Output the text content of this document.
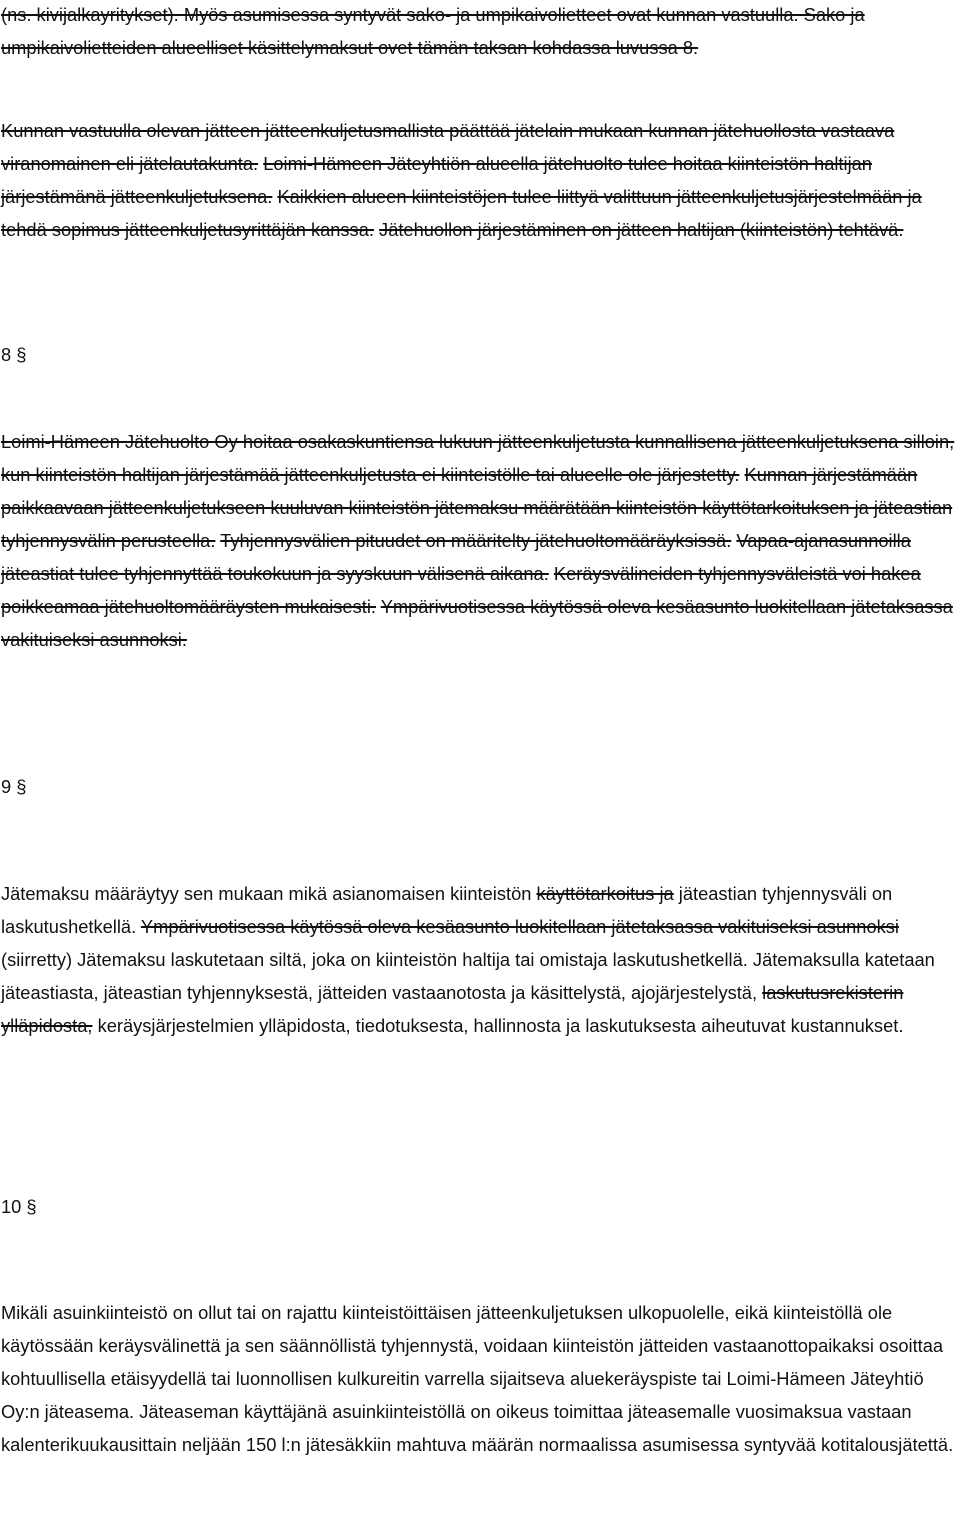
(ns. kivijalkayritykset). Myös asumisessa syntyvät sako- ja umpikaivolietteet ovat kunnan vastuulla. Sako ja umpikaivolietteiden alueelliset käsittelymaksut ovet tämän taksan kohdassa luvussa 8.

Kunnan vastuulla olevan jätteen jätteenkuljetusmallista päättää jätelain mukaan kunnan jätehuollosta vastaava viranomainen eli jätelautakunta. Loimi-Hämeen Jäteyhtiön alueella jätehuolto tulee hoitaa kiinteistön haltijan järjestämänä jätteenkuljetuksena. Kaikkien alueen kiinteistöjen tulee liittyä valittuun jätteenkuljetusjärjestelmään ja tehdä sopimus jätteenkuljetusyrittäjän kanssa. Jätehuollon järjestäminen on jätteen haltijan (kiinteistön) tehtävä.

8 §

Loimi-Hämeen Jätehuolto Oy hoitaa osakaskuntiensa lukuun jätteenkuljetusta kunnallisena jätteenkuljetuksena silloin, kun kiinteistön haltijan järjestämää jätteenkuljetusta ei kiinteistölle tai alueelle ole järjestetty. Kunnan järjestämään paikkaavaan jätteenkuljetukseen kuuluvan kiinteistön jätemaksu määrätään kiinteistön käyttötarkoituksen ja jäteastian tyhjennysvälin perusteella. Tyhjennysvälien pituudet on määritelty jätehuoltomääräyksissä. Vapaa-ajanasunnoilla jäteastiat tulee tyhjennyttää toukokuun ja syyskuun välisenä aikana. Keräysvälineiden tyhjennysväleistä voi hakea poikkeamaa jätehuoltomääräysten mukaisesti. Ympärivuotisessa käytössä oleva kesäasunto luokitellaan jätetaksassa vakituiseksi asunnoksi.

9 §

Jätemaksu määräytyy sen mukaan mikä asianomaisen kiinteistön käyttötarkoitus ja jäteastian tyhjennysväli on laskutushetkellä. Ympärivuotisessa käytössä oleva kesäasunto luokitellaan jätetaksassa vakituiseksi asunnoksi (siirretty) Jätemaksu laskutetaan siltä, joka on kiinteistön haltija tai omistaja laskutushetkellä. Jätemaksulla katetaan jäteastiasta, jäteastian tyhjennyksestä, jätteiden vastaanotosta ja käsittelystä, ajojärjestelystä, laskutusrekisterin ylläpidosta, keräysjärjestelmien ylläpidosta, tiedotuksesta, hallinnosta ja laskutuksesta aiheutuvat kustannukset.

10 §

Mikäli asuinkiinteistö on ollut tai on rajattu kiinteistöittäisen jätteenkuljetuksen ulkopuolelle, eikä kiinteistöllä ole käytössään keräysvälinettä ja sen säännöllistä tyhjennystä, voidaan kiinteistön jätteiden vastaanottopaikaksi osoittaa kohtuullisella etäisyydellä tai luonnollisen kulkureitin varrella sijaitseva aluekeräyspiste tai Loimi-Hämeen Jäteyhtiö Oy:n jäteasema. Jäteaseman käyttäjänä asuinkiinteistöllä on oikeus toimittaa jäteasemalle vuosimaksua vastaan kalenterikuukausittain neljään 150 l:n jätesäkkiin mahtuva määrän normaalissa asumisessa syntyvää kotitalousjätettä.
